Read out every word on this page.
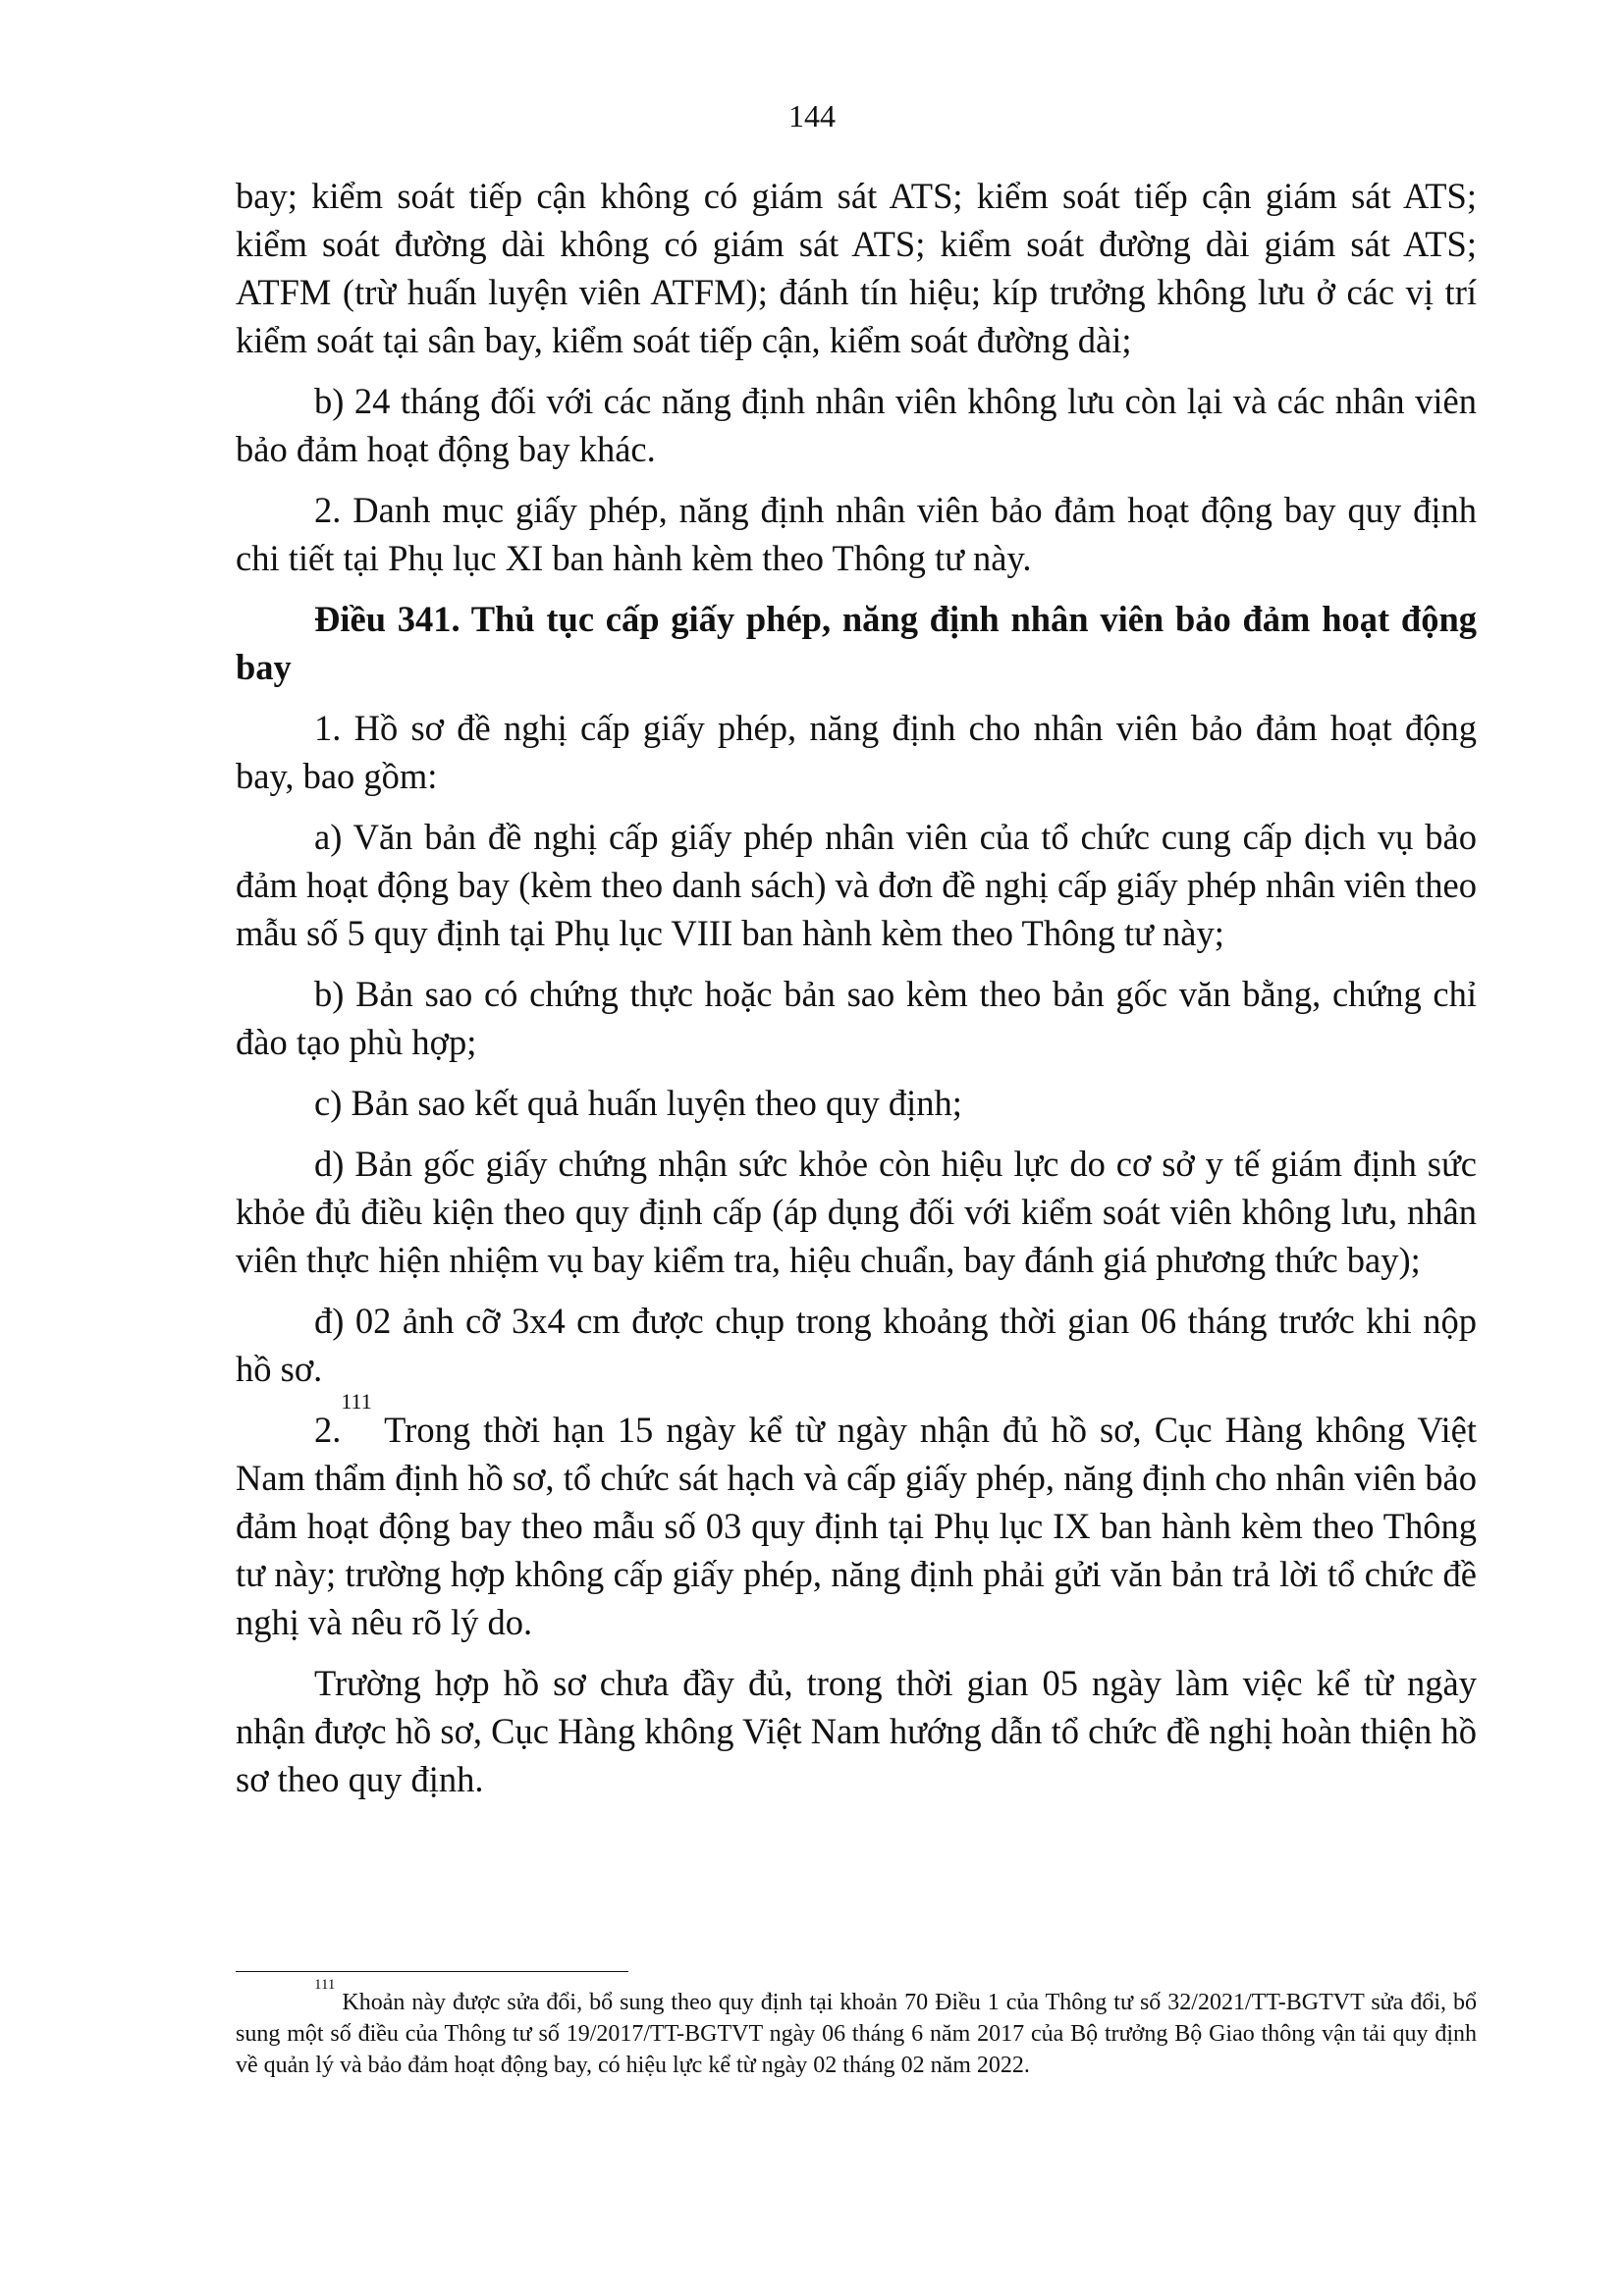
144

bay; kiểm soát tiếp cận không có giám sát ATS; kiểm soát tiếp cận giám sát ATS; kiểm soát đường dài không có giám sát ATS; kiểm soát đường dài giám sát ATS; ATFM (trừ huấn luyện viên ATFM); đánh tín hiệu; kíp trưởng không lưu ở các vị trí kiểm soát tại sân bay, kiểm soát tiếp cận, kiểm soát đường dài;

b) 24 tháng đối với các năng định nhân viên không lưu còn lại và các nhân viên bảo đảm hoạt động bay khác.

2. Danh mục giấy phép, năng định nhân viên bảo đảm hoạt động bay quy định chi tiết tại Phụ lục XI ban hành kèm theo Thông tư này.

Điều 341. Thủ tục cấp giấy phép, năng định nhân viên bảo đảm hoạt động bay

1. Hồ sơ đề nghị cấp giấy phép, năng định cho nhân viên bảo đảm hoạt động bay, bao gồm:

a) Văn bản đề nghị cấp giấy phép nhân viên của tổ chức cung cấp dịch vụ bảo đảm hoạt động bay (kèm theo danh sách) và đơn đề nghị cấp giấy phép nhân viên theo mẫu số 5 quy định tại Phụ lục VIII ban hành kèm theo Thông tư này;

b) Bản sao có chứng thực hoặc bản sao kèm theo bản gốc văn bằng, chứng chỉ đào tạo phù hợp;

c) Bản sao kết quả huấn luyện theo quy định;

d) Bản gốc giấy chứng nhận sức khỏe còn hiệu lực do cơ sở y tế giám định sức khỏe đủ điều kiện theo quy định cấp (áp dụng đối với kiểm soát viên không lưu, nhân viên thực hiện nhiệm vụ bay kiểm tra, hiệu chuẩn, bay đánh giá phương thức bay);

đ) 02 ảnh cỡ 3x4 cm được chụp trong khoảng thời gian 06 tháng trước khi nộp hồ sơ.

2.$^{111}$ Trong thời hạn 15 ngày kể từ ngày nhận đủ hồ sơ, Cục Hàng không Việt Nam thẩm định hồ sơ, tổ chức sát hạch và cấp giấy phép, năng định cho nhân viên bảo đảm hoạt động bay theo mẫu số 03 quy định tại Phụ lục IX ban hành kèm theo Thông tư này; trường hợp không cấp giấy phép, năng định phải gửi văn bản trả lời tổ chức đề nghị và nêu rõ lý do.

Trường hợp hồ sơ chưa đầy đủ, trong thời gian 05 ngày làm việc kể từ ngày nhận được hồ sơ, Cục Hàng không Việt Nam hướng dẫn tổ chức đề nghị hoàn thiện hồ sơ theo quy định.

$^{111}$ Khoản này được sửa đổi, bổ sung theo quy định tại khoản 70 Điều 1 của Thông tư số 32/2021/TT-BGTVT sửa đổi, bổ sung một số điều của Thông tư số 19/2017/TT-BGTVT ngày 06 tháng 6 năm 2017 của Bộ trưởng Bộ Giao thông vận tải quy định về quản lý và bảo đảm hoạt động bay, có hiệu lực kể từ ngày 02 tháng 02 năm 2022.
